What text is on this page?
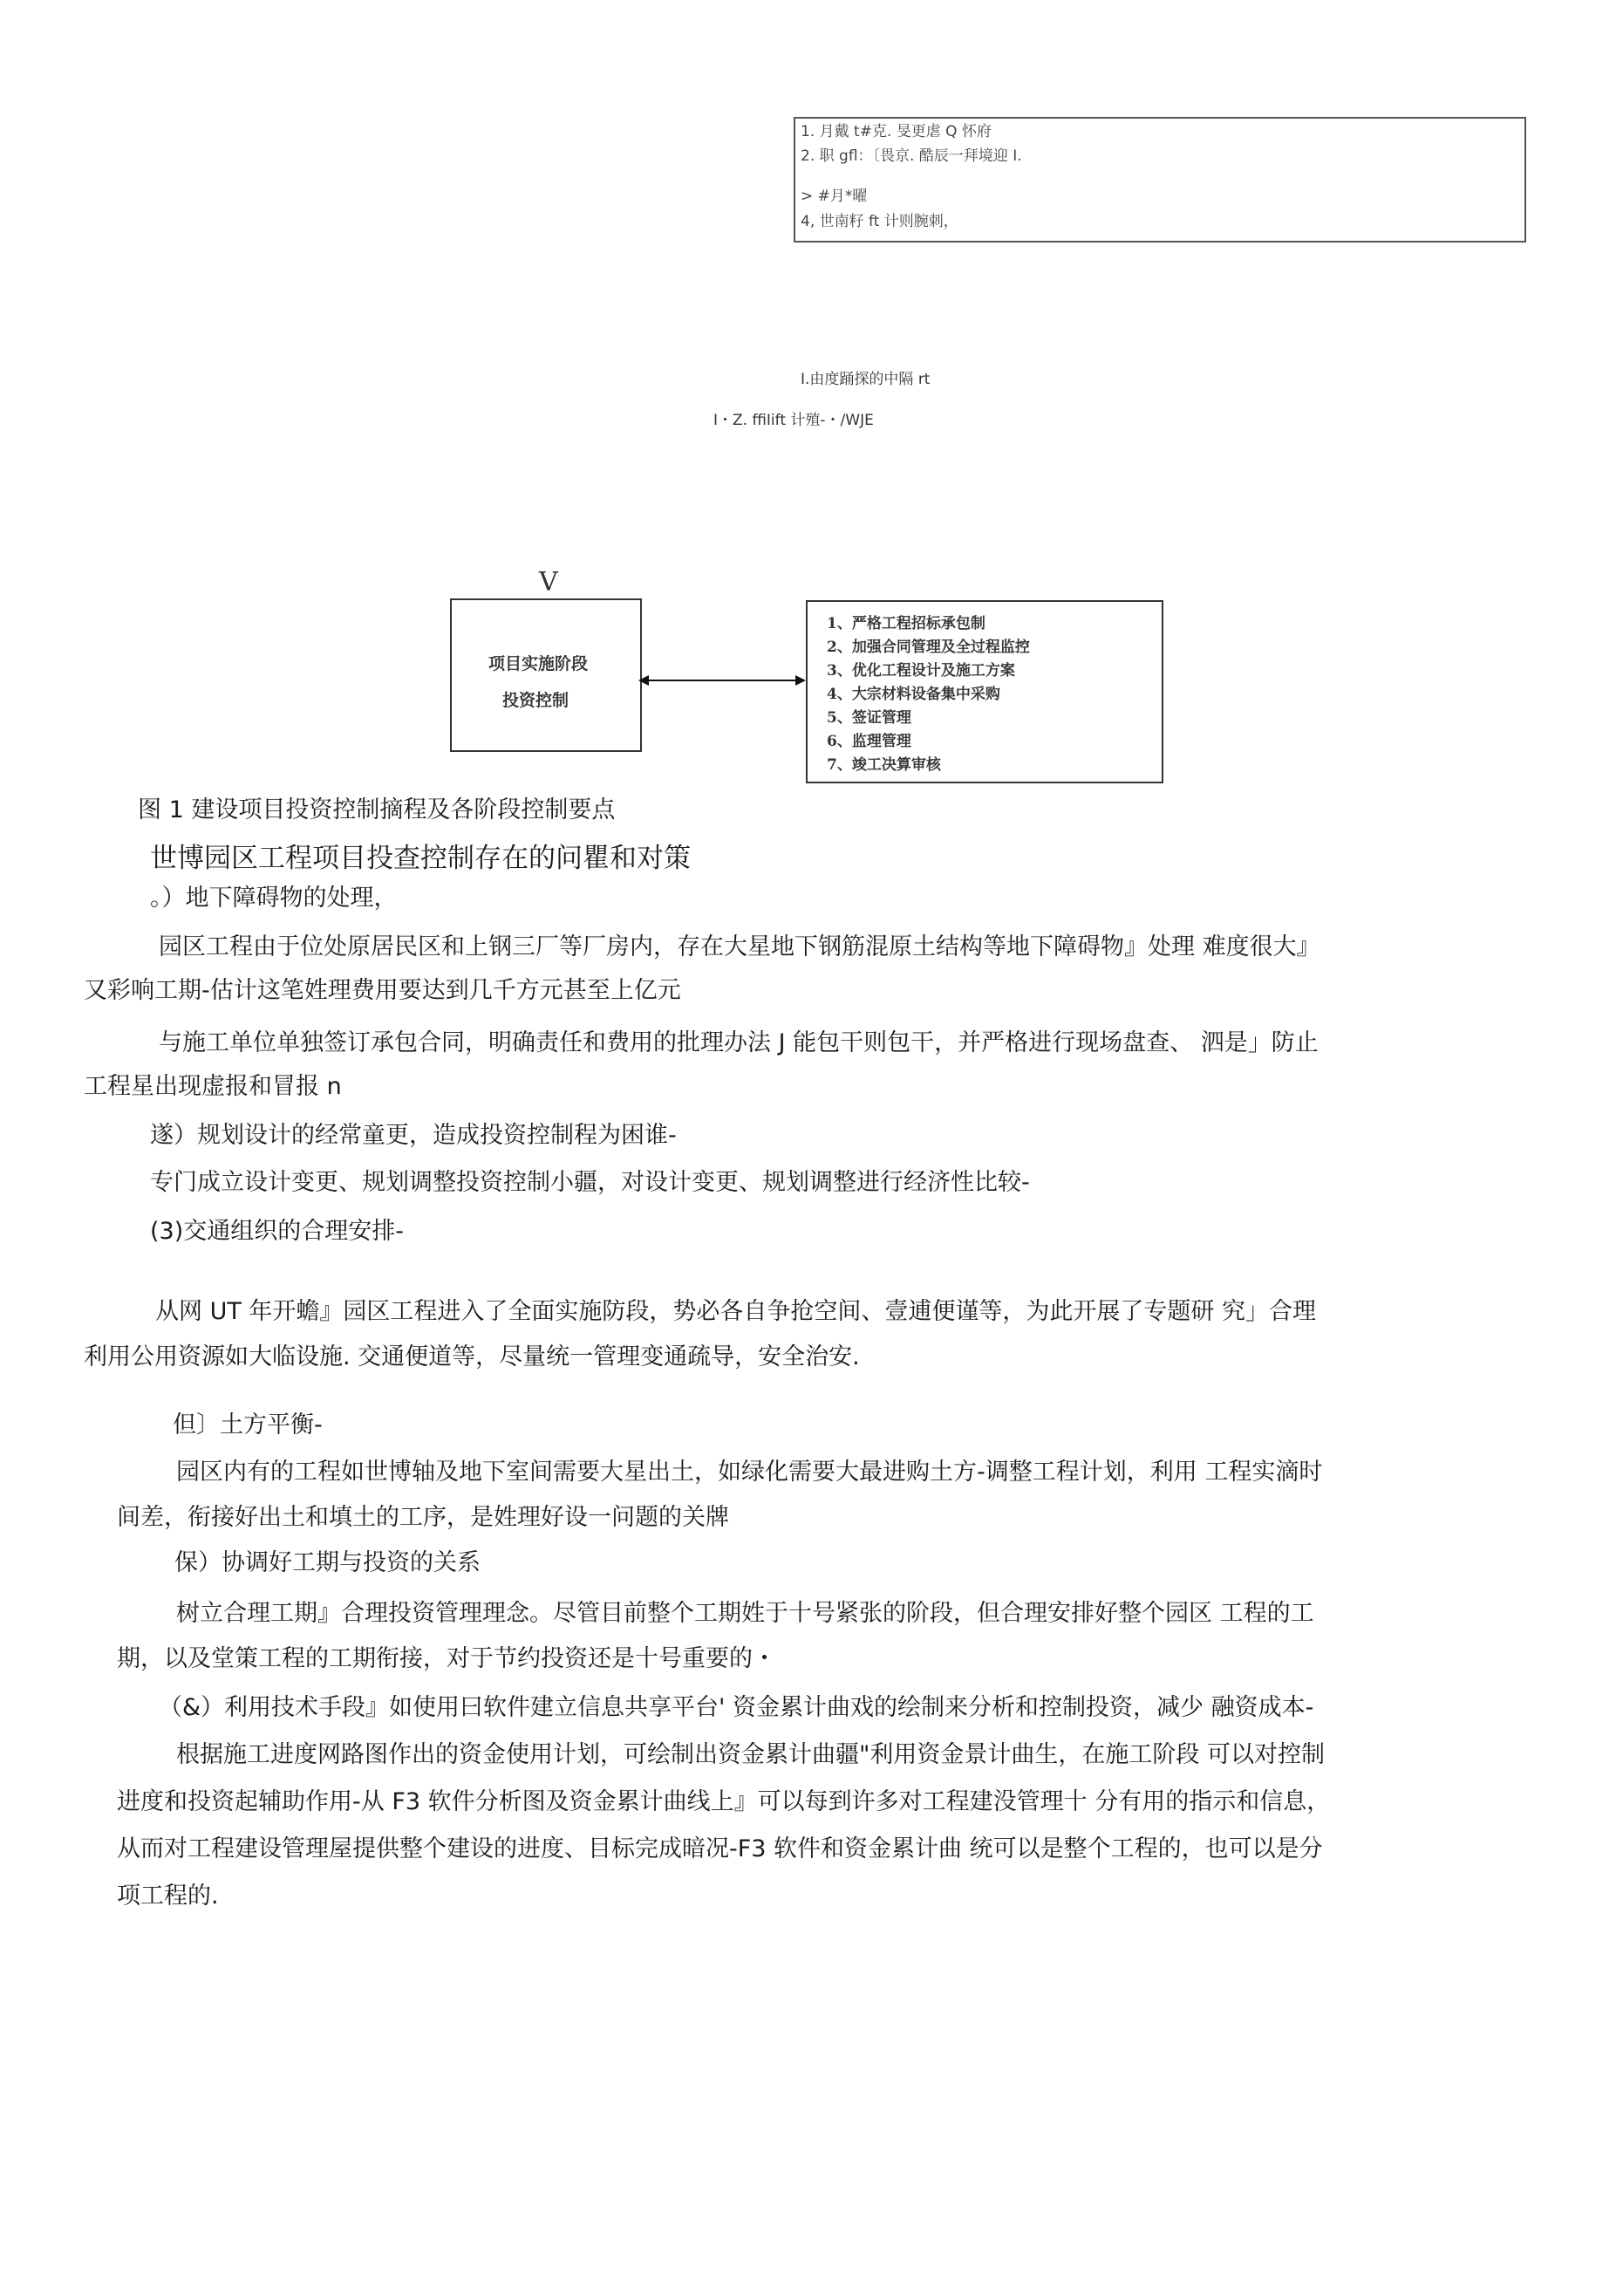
1. 月戴 t#克. 旻更虐 Q 怀府
2. 职 gfl：〔畏京. 酷辰一拜境迎 I.
> #月*曜
4, 世南籽 ft 计则腕刺，
I.由度踊探的中隔 rt
I・Z. ffiIift 计殖-・/WJE
V
项目实施阶段
投资控制
1、严格工程招标承包制
2、加强合同管理及全过程监控
3、优化工程设计及施工方案
4、大宗材料设备集中采购
5、签证管理
6、监理管理
7、竣工决算审核
图 1 建设项目投资控制摘程及各阶段控制要点
世博园区工程项目投查控制存在的问瞿和对策
。）地下障碍物的处理，
园区工程由于位处原居民区和上钢三厂等厂房内，存在大星地下钢筋混原土结构等地下障碍物』处理 难度很大』
又彩响工期-估计这笔姓理费用要达到几千方元甚至上亿元
与施工单位单独签订承包合同，明确责任和费用的批理办法 J 能包干则包干，并严格进行现场盘查、 泗是」防止
工程星出现虚报和冒报 n
遂）规划设计的经常童更，造成投资控制程为困谁-
专门成立设计变更、规划调整投资控制小疆，对设计变更、规划调整进行经济性比较-
(3)交通组织的合理安排-
从网 UT 年开蟾』园区工程进入了全面实施防段，势必各自争抢空间、壹逋便谨等，为此开展了专题研 究」合理
利用公用资源如大临设施. 交通便道等，尽量统一管理变通疏导，安全治安.
但〕土方平衡-
园区内有的工程如世博轴及地下室间需要大星出土，如绿化需要大最进购土方-调整工程计划，利用 工程实滴时
间差，衔接好出土和填土的工序，是姓理好设一问题的关牌
保）协调好工期与投资的关系
树立合理工期』合理投资管理理念。尽管目前整个工期姓于十号紧张的阶段，但合理安排好整个园区 工程的工
期，以及堂策工程的工期衔接，对于节约投资还是十号重要的・
（&）利用技术手段』如使用曰软件建立信息共享平台' 资金累计曲戏的绘制来分析和控制投资，减少 融资成本-
根据施工进度网路图作出的资金使用计划，可绘制出资金累计曲疆"利用资金景计曲生，在施工阶段 可以对控制
进度和投资起辅助作用-从 F3 软件分析图及资金累计曲线上』可以每到许多对工程建没管理十 分有用的指示和信息，
从而对工程建设管理屋提供整个建设的进度、目标完成暗况-F3 软件和资金累计曲 统可以是整个工程的，也可以是分
项工程的.
